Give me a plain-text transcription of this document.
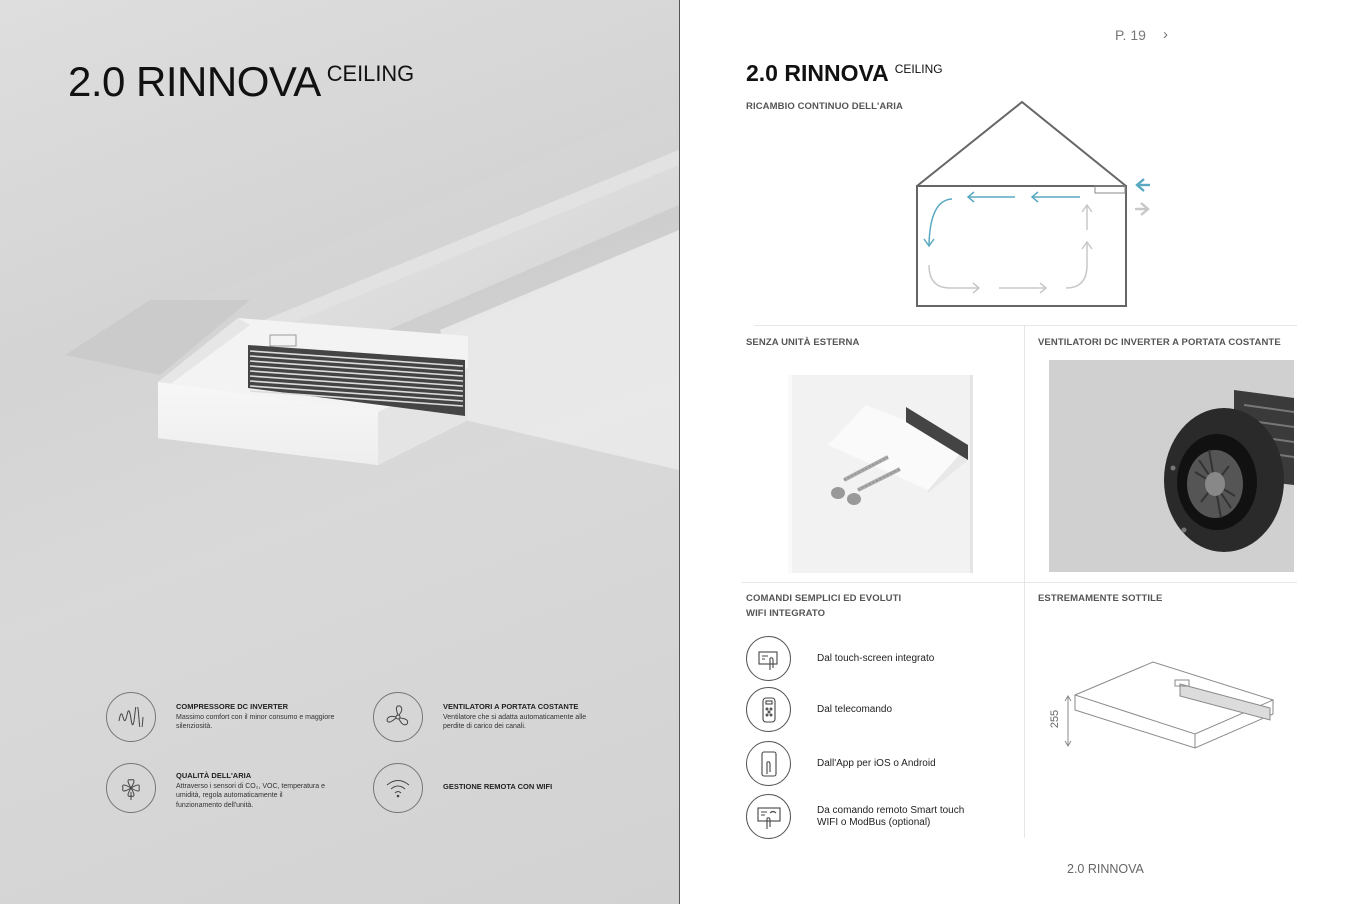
2.0 RINNOVA $^{CEILING}$
COMPRESSORE DC INVERTER
Massimo comfort con il minor consumo e maggiore silenziosità.
VENTILATORI A PORTATA COSTANTE
Ventilatore che si adatta automaticamente alle perdite di carico dei canali.
QUALITÀ DELL'ARIA
Attraverso i sensori di CO₂, VOC, temperatura e umidità, regola automaticamente il funzionamento dell'unità.
GESTIONE REMOTA CON WIFI
P. 19 ›
2.0 RINNOVA $^{CEILING}$
RICAMBIO CONTINUO DELL'ARIA
SENZA UNITÀ ESTERNA	VENTILATORI DC INVERTER A PORTATA COSTANTE
COMANDI SEMPLICI ED EVOLUTI
WIFI INTEGRATO
ESTREMAMENTE SOTTILE
Dal touch-screen integrato
Dal telecomando
Dall'App per iOS o Android
Da comando remoto Smart touch
WIFI o ModBus (optional)
255
2.0 RINNOVA
